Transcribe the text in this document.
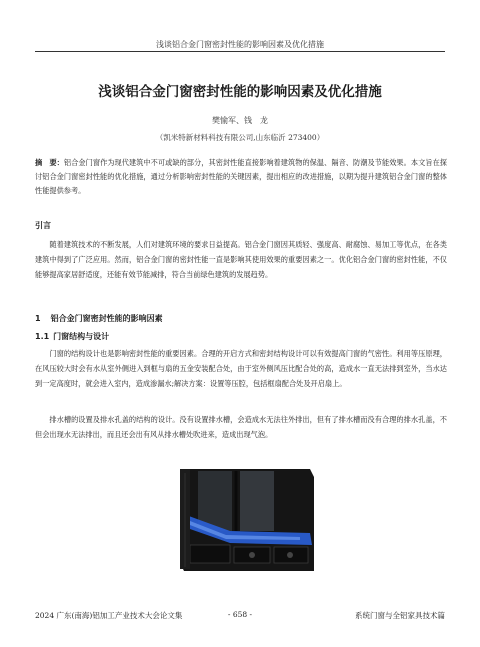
浅谈铝合金门窗密封性能的影响因素及优化措施
浅谈铝合金门窗密封性能的影响因素及优化措施
樊愉军、钱　龙
（凯米特新材料科技有限公司,山东临沂 273400）
摘　要：铝合金门窗作为现代建筑中不可或缺的部分，其密封性能直接影响着建筑物的保温、隔音、防潮及节能效果。本文旨在探讨铝合金门窗密封性能的优化措施，通过分析影响密封性能的关键因素，提出相应的改进措施，以期为提升建筑铝合金门窗的整体性能提供参考。
引言
随着建筑技术的不断发展，人们对建筑环境的要求日益提高。铝合金门窗因其质轻、强度高、耐腐蚀、易加工等优点，在各类建筑中得到了广泛应用。然而，铝合金门窗的密封性能一直是影响其使用效果的重要因素之一。优化铝合金门窗的密封性能，不仅能够提高家居舒适度，还能有效节能减排，符合当前绿色建筑的发展趋势。
1 铝合金门窗密封性能的影响因素
1.1 门窗结构与设计
门窗的结构设计也是影响密封性能的重要因素。合理的开启方式和密封结构设计可以有效提高门窗的气密性。利用等压原理，在风压较大时会有水从室外侧进入到框与扇的五金安装配合处，由于室外侧风压比配合处的高，造成水一直无法排到室外，当水达到一定高度时，就会进入室内，造成渗漏水;解决方案：设置等压腔，包括框扇配合处及开启扇上。
排水槽的设置及排水孔盖的结构的设计。没有设置排水槽，会造成水无法往外排出，但有了排水槽而没有合理的排水孔盖，不但会出现水无法排出，而且还会出有风从排水槽处吹进来，造成出现气泡。
2024 广东(南海)铝加工产业技术大会论文集	- 658 -	系统门窗与全铝家具技术篇
